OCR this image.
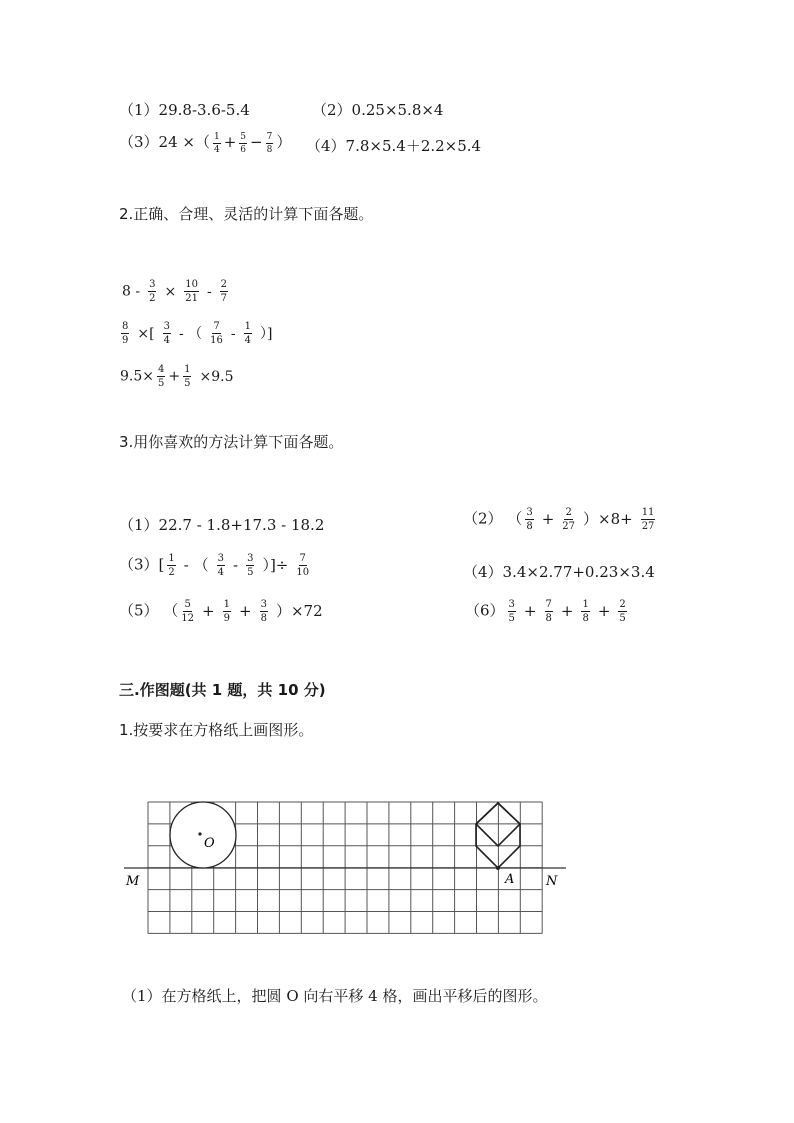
（1）29.8-3.6-5.4	（2）0.25×5.8×4
（3）24 ×（ $\frac{1}{4} + \frac{5}{6} - \frac{7}{8}$ ） （4）7.8×5.4＋2.2×5.4
2.正确、合理、灵活的计算下面各题。
$8 - \frac{3}{2} \times \frac{10}{21} - \frac{2}{7}$
$\frac{8}{9}$ ×[ $\frac{3}{4}$ - （ $\frac{7}{16} - \frac{1}{4}$ ）]
$9.5\times \frac{4}{5} + \frac{1}{5} \times 9.5$
3.用你喜欢的方法计算下面各题。
（1）22.7 - 1.8+17.3 - 18.2	（2） （ $\frac{3}{8} + \frac{2}{27} )\times 8+ \frac{11}{27}$
$(3)[ \frac{1}{2}$ - （ $\frac{3}{4} - \frac{3}{5}$ ）]÷ $\frac{7}{10}$	（4）3.4×2.77+0.23×3.4
（5） （ $\frac{5}{12} + \frac{1}{9} + \frac{3}{8} )\times 72$	$(6) \frac{3}{5} + \frac{7}{8} + \frac{1}{8} + \frac{2}{5}$
三.作图题(共 1 题，共 10 分)
1.按要求在方格纸上画图形。
O
A
M	N
（1）在方格纸上，把圆 O 向右平移 4 格，画出平移后的图形。
